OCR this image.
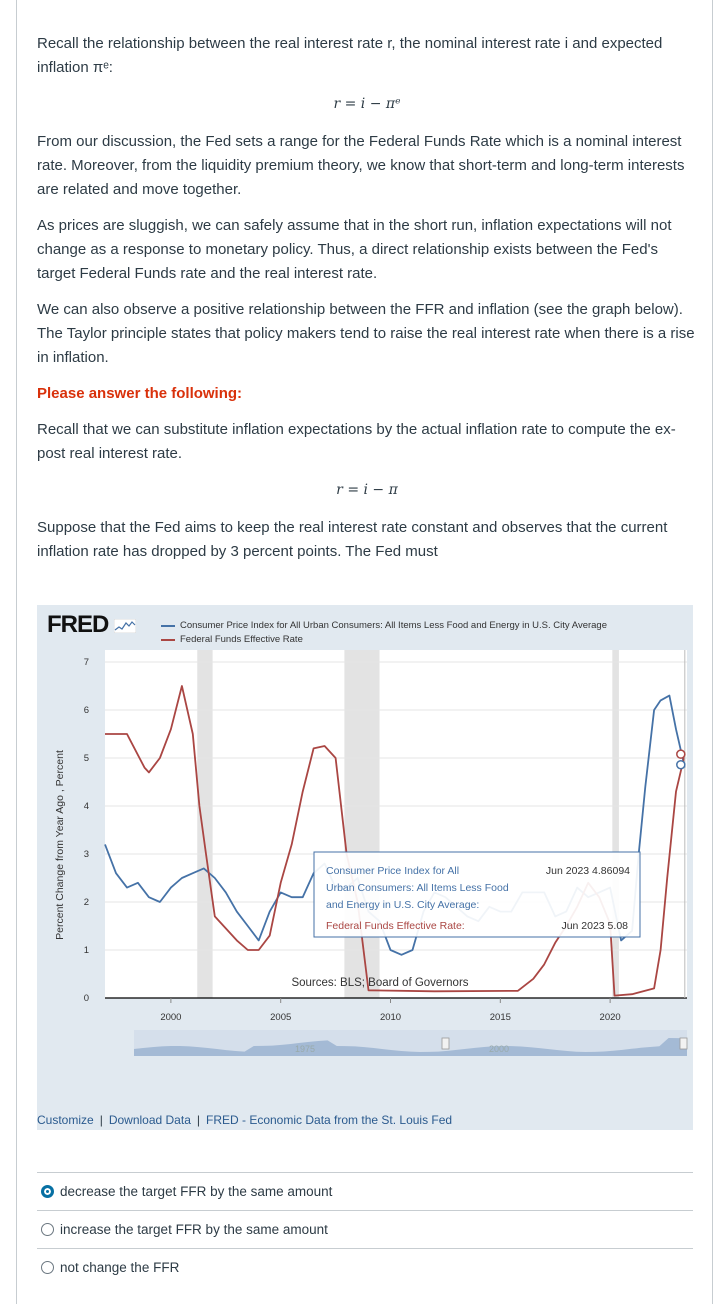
Recall the relationship between the real interest rate r, the nominal interest rate i and expected inflation πᵉ:

r = i − πᵉ

From our discussion, the Fed sets a range for the Federal Funds Rate which is a nominal interest rate. Moreover, from the liquidity premium theory, we know that short-term and long-term interests are related and move together.

As prices are sluggish, we can safely assume that in the short run, inflation expectations will not change as a response to monetary policy. Thus, a direct relationship exists between the Fed's target Federal Funds rate and the real interest rate.

We can also observe a positive relationship between the FFR and inflation (see the graph below). The Taylor principle states that policy makers tend to raise the real interest rate when there is a rise in inflation.

Please answer the following:

Recall that we can substitute inflation expectations by the actual inflation rate to compute the ex-post real interest rate.

r = i − π

Suppose that the Fed aims to keep the real interest rate constant and observes that the current inflation rate has dropped by 3 percent points. The Fed must

FRED	Consumer Price Index for All Urban Consumers: All Items Less Food and Energy in U.S. City Average
Federal Funds Effective Rate
0
1
2
3
4
5
6
7
2000	2005	2010	2015	2020
Percent Change from Year Ago , Percent	Consumer Price Index for All
Urban Consumers: All Items Less Food
and Energy in U.S. City Average:
Jun 2023 4.86094
Federal Funds Effective Rate:	Jun 2023 5.08
1975	2000
Sources: BLS; Board of Governors
Customize | Download Data | FRED - Economic Data from the St. Louis Fed
decrease the target FFR by the same amount
increase the target FFR by the same amount
not change the FFR
